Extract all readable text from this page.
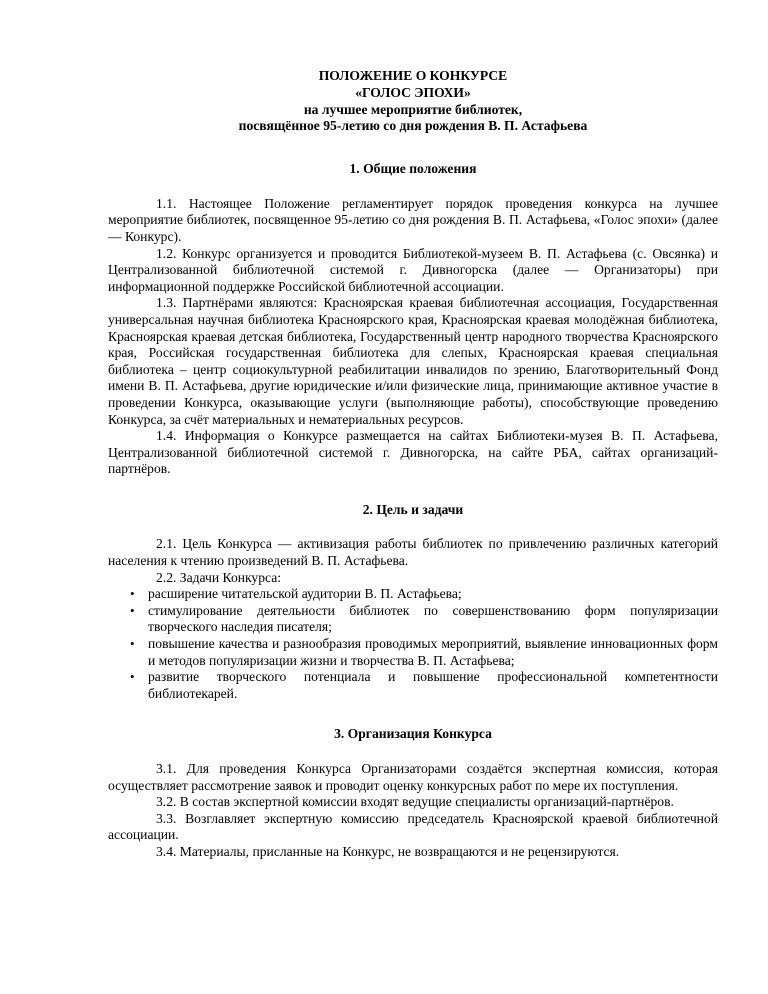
ПОЛОЖЕНИЕ О КОНКУРСЕ
«ГОЛОС ЭПОХИ»
на лучшее мероприятие библиотек,
посвящённое 95-летию со дня рождения В. П. Астафьева
1. Общие положения

1.1. Настоящее Положение регламентирует порядок проведения конкурса на лучшее мероприятие библиотек, посвященное 95-летию со дня рождения В. П. Астафьева, «Голос эпохи» (далее — Конкурс).

1.2. Конкурс организуется и проводится Библиотекой-музеем В. П. Астафьева (с. Овсянка) и Централизованной библиотечной системой г. Дивногорска (далее — Организаторы) при информационной поддержке Российской библиотечной ассоциации.

1.3. Партнёрами являются: Красноярская краевая библиотечная ассоциация, Государственная универсальная научная библиотека Красноярского края, Красноярская краевая молодёжная библиотека, Красноярская краевая детская библиотека, Государственный центр народного творчества Красноярского края, Российская государственная библиотека для слепых, Красноярская краевая специальная библиотека – центр социокультурной реабилитации инвалидов по зрению, Благотворительный Фонд имени В. П. Астафьева, другие юридические и/или физические лица, принимающие активное участие в проведении Конкурса, оказывающие услуги (выполняющие работы), способствующие проведению Конкурса, за счёт материальных и нематериальных ресурсов.

1.4. Информация о Конкурсе размещается на сайтах Библиотеки-музея В. П. Астафьева, Централизованной библиотечной системой г. Дивногорска, на сайте РБА, сайтах организаций-партнёров.

2. Цель и задачи

2.1. Цель Конкурса — активизация работы библиотек по привлечению различных категорий населения к чтению произведений В. П. Астафьева.

2.2. Задачи Конкурса:

• расширение читательской аудитории В. П. Астафьева;
• стимулирование деятельности библиотек по совершенствованию форм популяризации творческого наследия писателя;
• повышение качества и разнообразия проводимых мероприятий, выявление инновационных форм и методов популяризации жизни и творчества В. П. Астафьева;
• развитие творческого потенциала и повышение профессиональной компетентности библиотекарей.
3. Организация Конкурса

3.1. Для проведения Конкурса Организаторами создаётся экспертная комиссия, которая осуществляет рассмотрение заявок и проводит оценку конкурсных работ по мере их поступления.

3.2. В состав экспертной комиссии входят ведущие специалисты организаций-партнёров.

3.3. Возглавляет экспертную комиссию председатель Красноярской краевой библиотечной ассоциации.

3.4. Материалы, присланные на Конкурс, не возвращаются и не рецензируются.
